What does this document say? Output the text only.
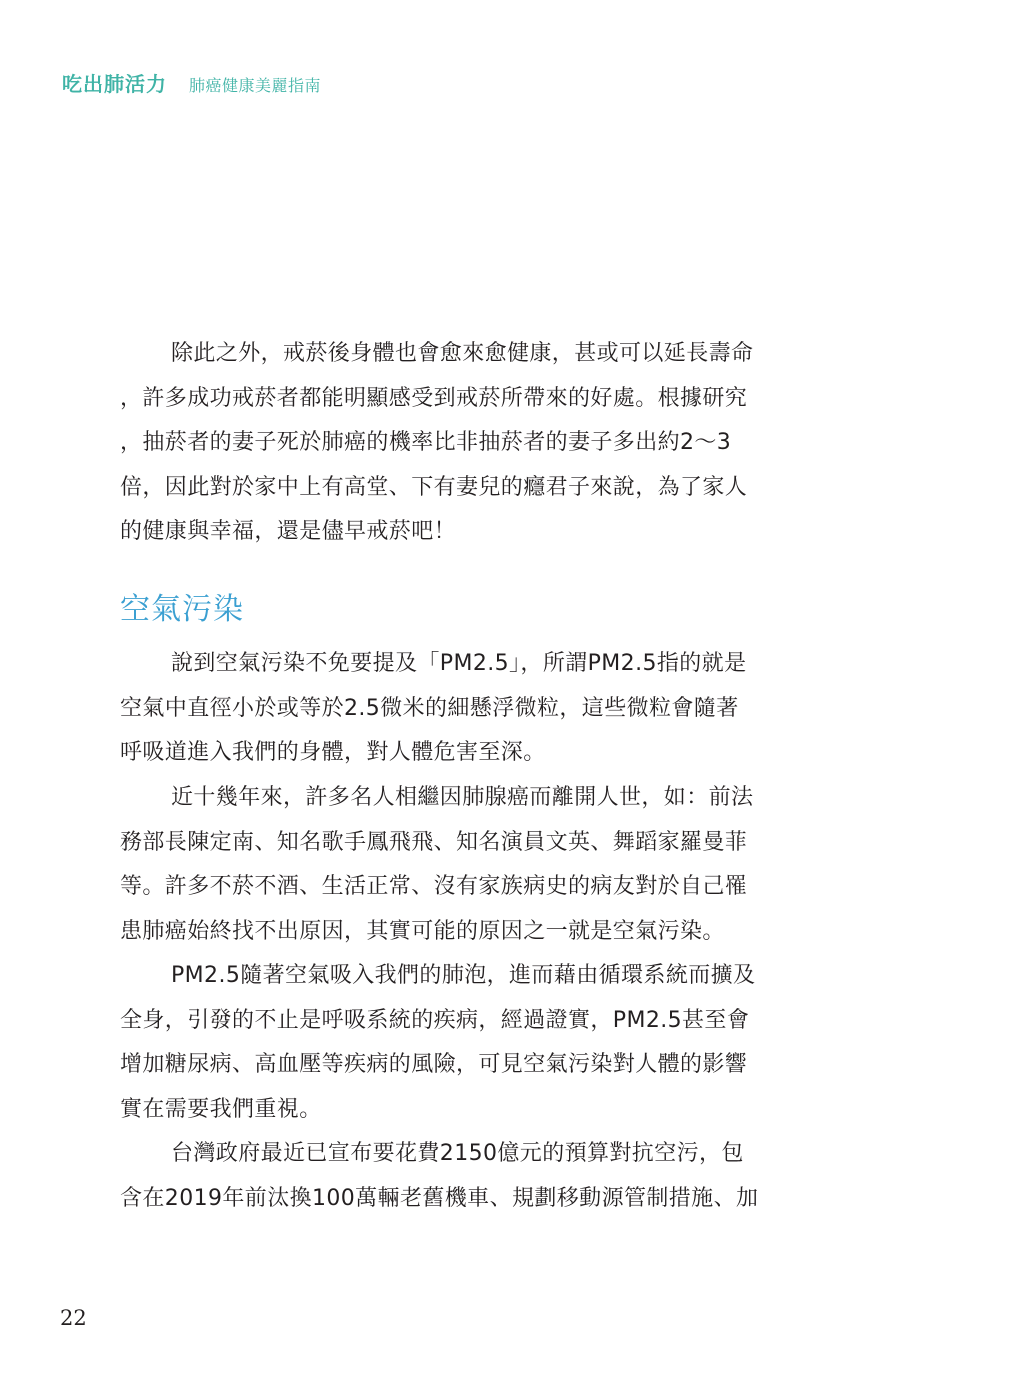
吃出肺活力 肺癌健康美麗指南

除此之外，戒菸後身體也會愈來愈健康，甚或可以延長壽命
，許多成功戒菸者都能明顯感受到戒菸所帶來的好處。根據研究
，抽菸者的妻子死於肺癌的機率比非抽菸者的妻子多出約2～3
倍，因此對於家中上有高堂、下有妻兒的癮君子來說，為了家人
的健康與幸福，還是儘早戒菸吧！

空氣污染

說到空氣污染不免要提及「PM2.5」，所謂PM2.5指的就是
空氣中直徑小於或等於2.5微米的細懸浮微粒，這些微粒會隨著
呼吸道進入我們的身體，對人體危害至深。

近十幾年來，許多名人相繼因肺腺癌而離開人世，如：前法
務部長陳定南、知名歌手鳳飛飛、知名演員文英、舞蹈家羅曼菲
等。許多不菸不酒、生活正常、沒有家族病史的病友對於自己罹
患肺癌始終找不出原因，其實可能的原因之一就是空氣污染。

PM2.5隨著空氣吸入我們的肺泡，進而藉由循環系統而擴及
全身，引發的不止是呼吸系統的疾病，經過證實，PM2.5甚至會
增加糖尿病、高血壓等疾病的風險，可見空氣污染對人體的影響
實在需要我們重視。

台灣政府最近已宣布要花費2150億元的預算對抗空污，包
含在2019年前汰換100萬輛老舊機車、規劃移動源管制措施、加

22
